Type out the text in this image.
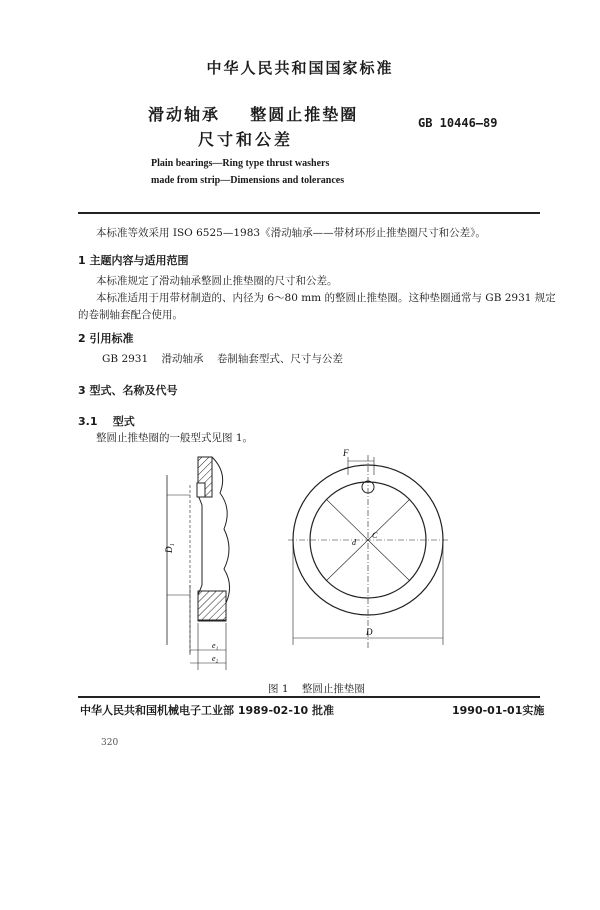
中华人民共和国国家标准
滑动轴承    整圆止推垫圈
尺寸和公差
GB 10446—89
Plain bearings—Ring type thrust washers
made from strip—Dimensions and tolerances
本标准等效采用 ISO 6525—1983《滑动轴承——带材环形止推垫圈尺寸和公差》。
1 主题内容与适用范围
本标准规定了滑动轴承整圆止推垫圈的尺寸和公差。
本标准适用于用带材制造的、内径为 6～80 mm 的整圆止推垫圈。这种垫圈通常与 GB 2931 规定
的卷制轴套配合使用。
2 引用标准
GB 2931    滑动轴承    卷制轴套型式、尺寸与公差
3 型式、名称及代号
3.1    型式
整圆止推垫圈的一般型式见图 1。
D₁
e₁
e₂
F
d
C
D
图 1    整圆止推垫圈
中华人民共和国机械电子工业部 1989-02-10 批准	1990-01-01实施
320
